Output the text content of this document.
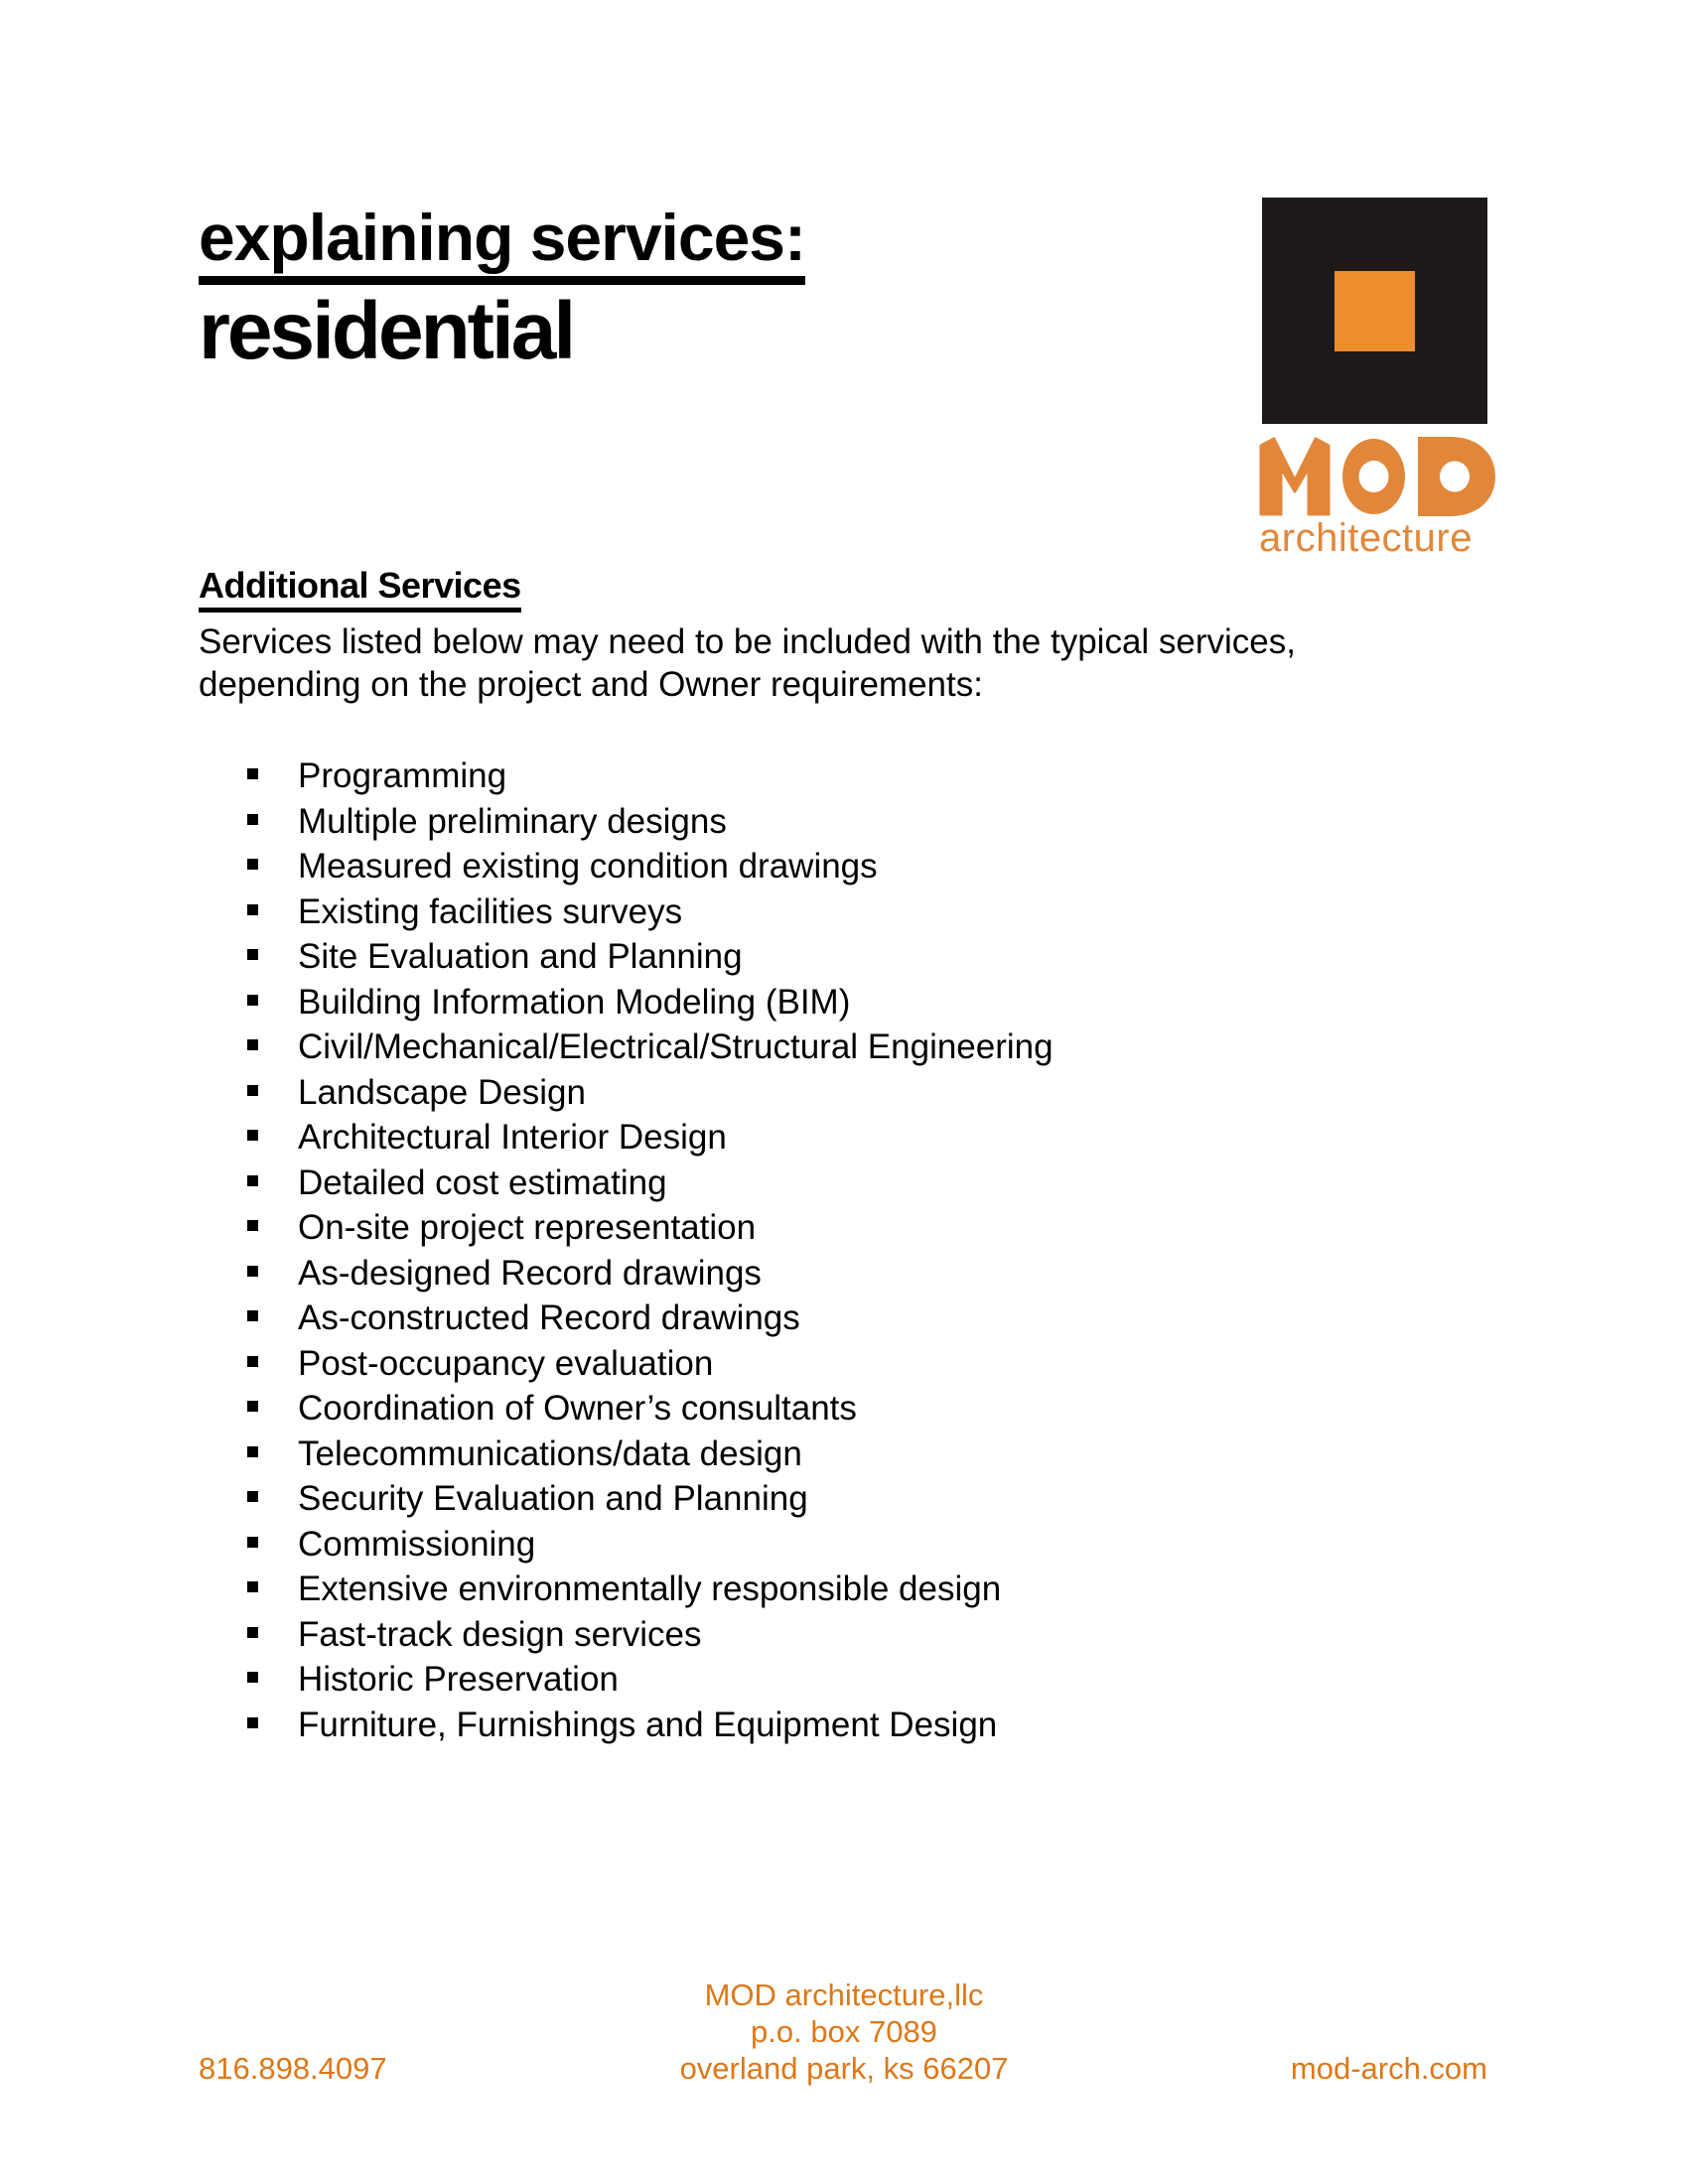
explaining services:
residential
architecture
Additional Services

Services listed below may need to be included with the typical services,

depending on the project and Owner requirements:

Programming
Multiple preliminary designs
Measured existing condition drawings
Existing facilities surveys
Site Evaluation and Planning
Building Information Modeling (BIM)
Civil/Mechanical/Electrical/Structural Engineering
Landscape Design
Architectural Interior Design
Detailed cost estimating
On-site project representation
As-designed Record drawings
As-constructed Record drawings
Post-occupancy evaluation
Coordination of Owner’s consultants
Telecommunications/data design
Security Evaluation and Planning
Commissioning
Extensive environmentally responsible design
Fast-track design services
Historic Preservation
Furniture, Furnishings and Equipment Design
MOD architecture,llc
p.o. box 7089
overland park, ks 66207
816.898.4097	mod-arch.com
